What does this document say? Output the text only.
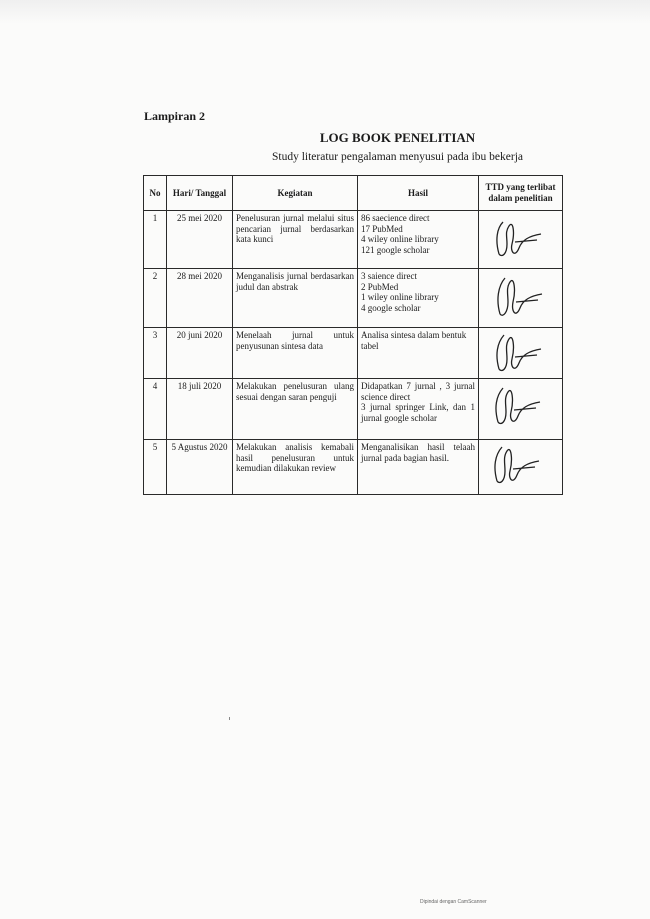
Lampiran 2
LOG BOOK PENELITIAN
Study literatur pengalaman menyusui pada ibu bekerja
No	Hari/ Tanggal	Kegiatan	Hasil	TTD yang terlibat dalam penelitian
1	25 mei 2020	Penelusuran jurnal melalui situs pencarian jurnal berdasarkan kata kunci	86 saecience direct
17 PubMed
4 wiley online library
121 google scholar

2	28 mei 2020	Menganalisis jurnal berdasarkan judul dan abstrak	3 saience direct
2 PubMed
1 wiley online library
4 google scholar

3	20 juni 2020	Menelaah jurnal untuk penyusunan sintesa data	Analisa sintesa dalam bentuk tabel

4	18 juli 2020	Melakukan penelusuran ulang sesuai dengan saran penguji	Didapatkan 7 jurnal , 3 jurnal science direct
3 jurnal springer Link, dan 1 jurnal google scholar

5	5 Agustus 2020	Melakukan analisis kemabali hasil penelusuran untuk kemudian dilakukan review	Menganalisikan hasil telaah jurnal pada bagian hasil.

Dipindai dengan CamScanner
